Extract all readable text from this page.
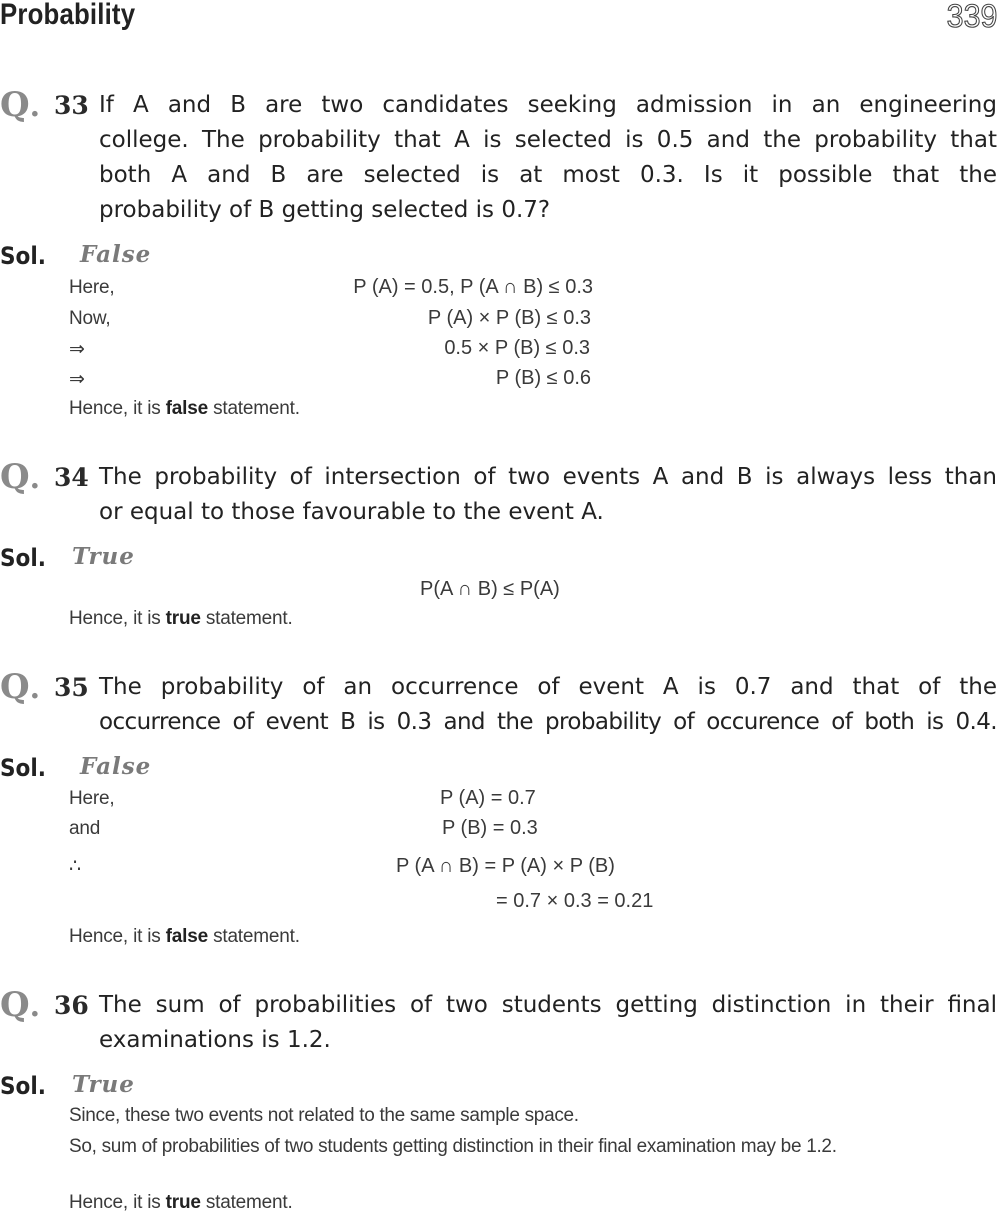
Probability	339
Q. 33 If A and B are two candidates seeking admission in an engineering
college. The probability that A is selected is 0.5 and the probability that
both A and B are selected is at most 0.3. Is it possible that the
probability of B getting selected is 0.7?
Sol. False
Here,	P (A) = 0.5, P (A ∩ B) ≤ 0.3
Now,	P (A) × P (B) ≤ 0.3
⇒	0.5 × P (B) ≤ 0.3
⇒	P (B) ≤ 0.6
Hence, it is false statement.
Q. 34 The probability of intersection of two events A and B is always less than
or equal to those favourable to the event A.
Sol. True
P(A ∩ B) ≤ P(A)
Hence, it is true statement.
Q. 35 The probability of an occurrence of event A is 0.7 and that of the
occurrence of event B is 0.3 and the probability of occurence of both is 0.4.
Sol. False
Here,	P (A) = 0.7
and	P (B) = 0.3
∴	P (A ∩ B) = P (A) × P (B)
= 0.7 × 0.3 = 0.21
Hence, it is false statement.
Q. 36 The sum of probabilities of two students getting distinction in their final
examinations is 1.2.
Sol. True
Since, these two events not related to the same sample space.
So, sum of probabilities of two students getting distinction in their final examination may be 1.2.
Hence, it is true statement.
